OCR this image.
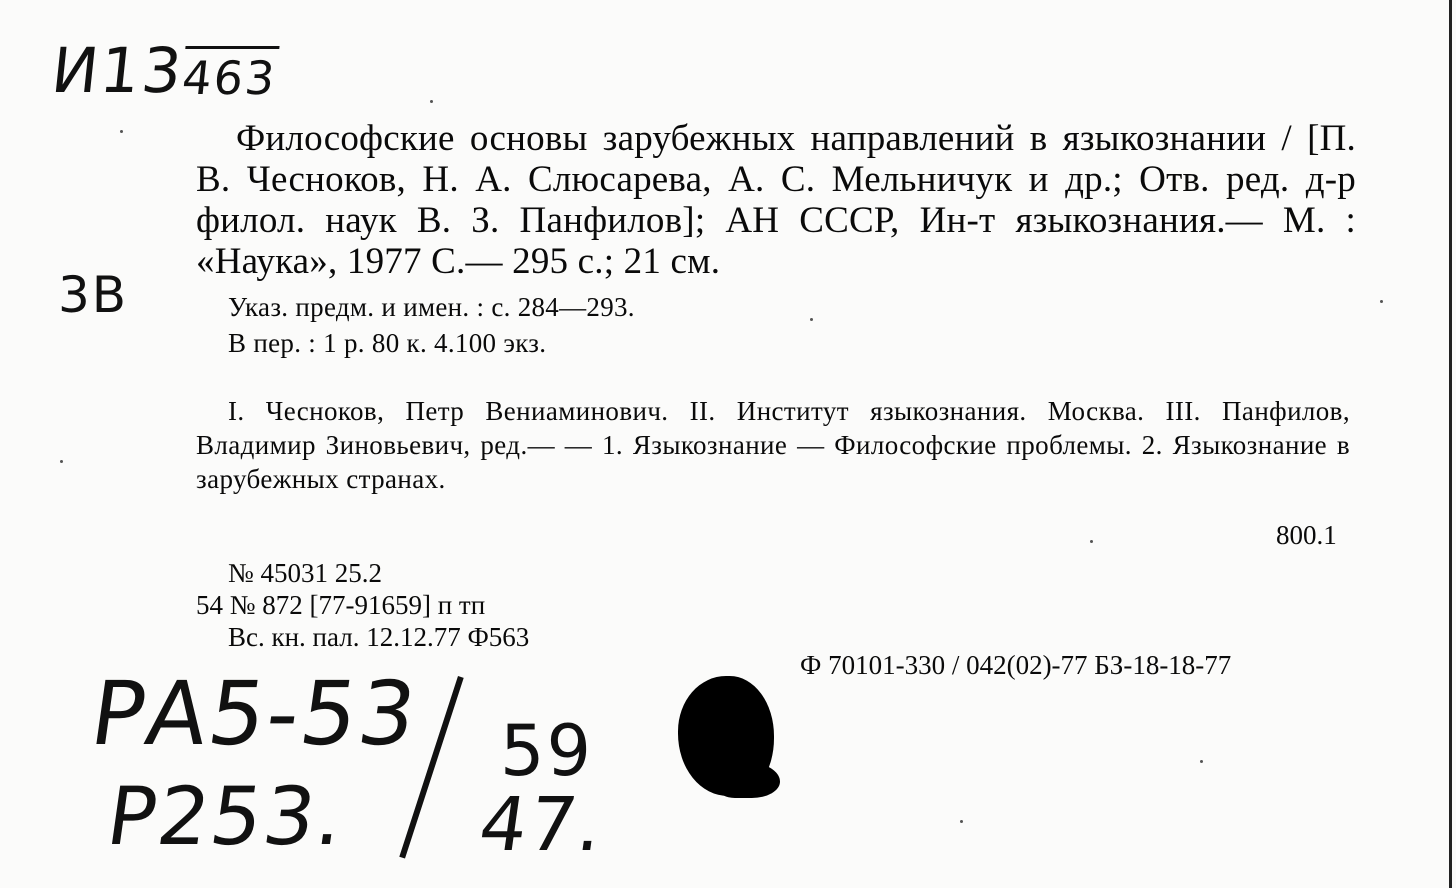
И13463
3В

Философские основы зарубежных направлений в языкознании / [П. В. Чесноков, Н. А. Слюсарева, А. С. Мельничук и др.; Отв. ред. д-р филол. наук В. З. Панфилов]; АН СССР, Ин-т языкознания.— М. : «Наука», 1977 С.— 295 с.; 21 см.

Указ. предм. и имен. : с. 284—293.
В пер. : 1 р. 80 к. 4.100 экз.

I. Чесноков, Петр Вениаминович. II. Институт языкознания. Москва. III. Панфилов, Владимир Зиновьевич, ред.— — 1. Языкознание — Философские проблемы. 2. Языкознание в зарубежных странах.

800.1
№ 45031 25.2
54 № 872 [77-91659] п тп
Вс. кн. пал. 12.12.77 Ф563
Ф 70101-330 / 042(02)-77 БЗ-18-18-77
РА5-53 59
Р253. 47.
